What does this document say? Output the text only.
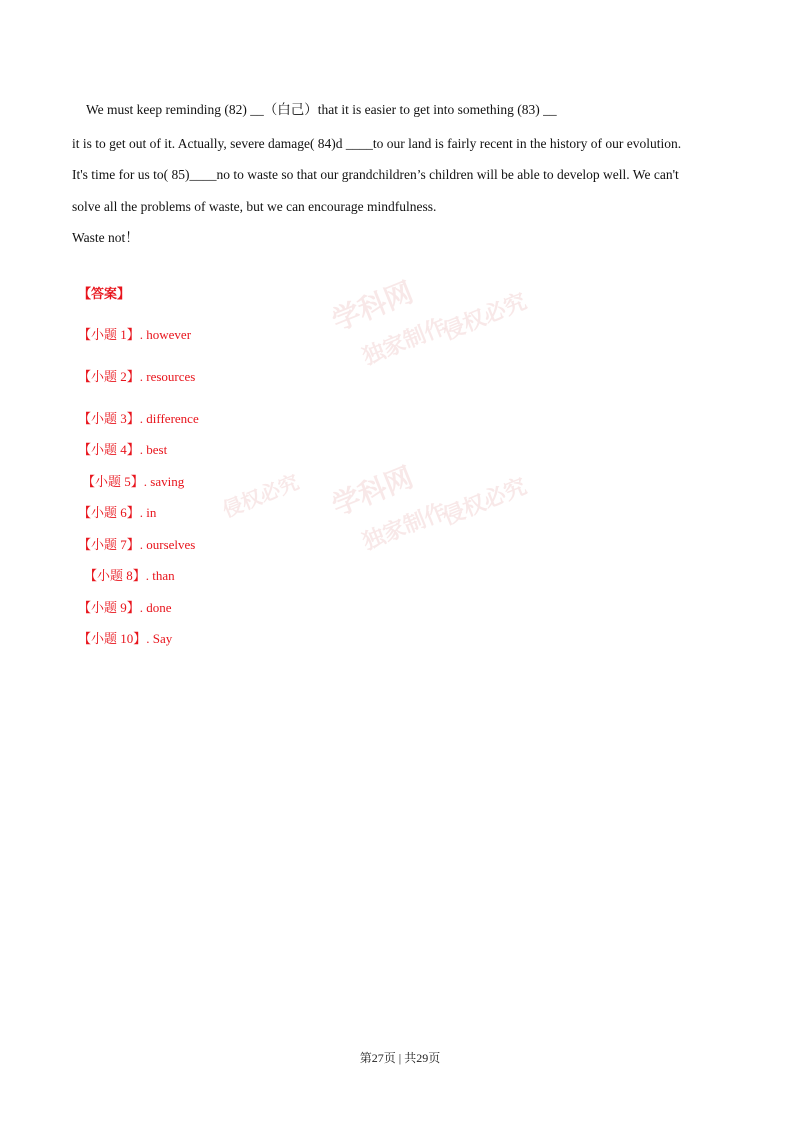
学科网
独家制作
侵权必究
学科网
独家制作
侵权必究
侵权必究
We must keep reminding (82) __（白己）that it is easier to get into something (83) __
it is to get out of it. Actually, severe damage( 84)d ____to our land is fairly recent in the history of our evolution.
It's time for us to( 85)____no to waste so that our grandchildren’s children will be able to develop well. We can't
solve all the problems of waste, but we can encourage mindfulness.
Waste not！
【答案】
【小题 1】. however
【小题 2】. resources
【小题 3】. difference
【小题 4】. best
【小题 5】. saving
【小题 6】. in
【小题 7】. ourselves
【小题 8】. than
【小题 9】. done
【小题 10】. Say
第27页 | 共29页
